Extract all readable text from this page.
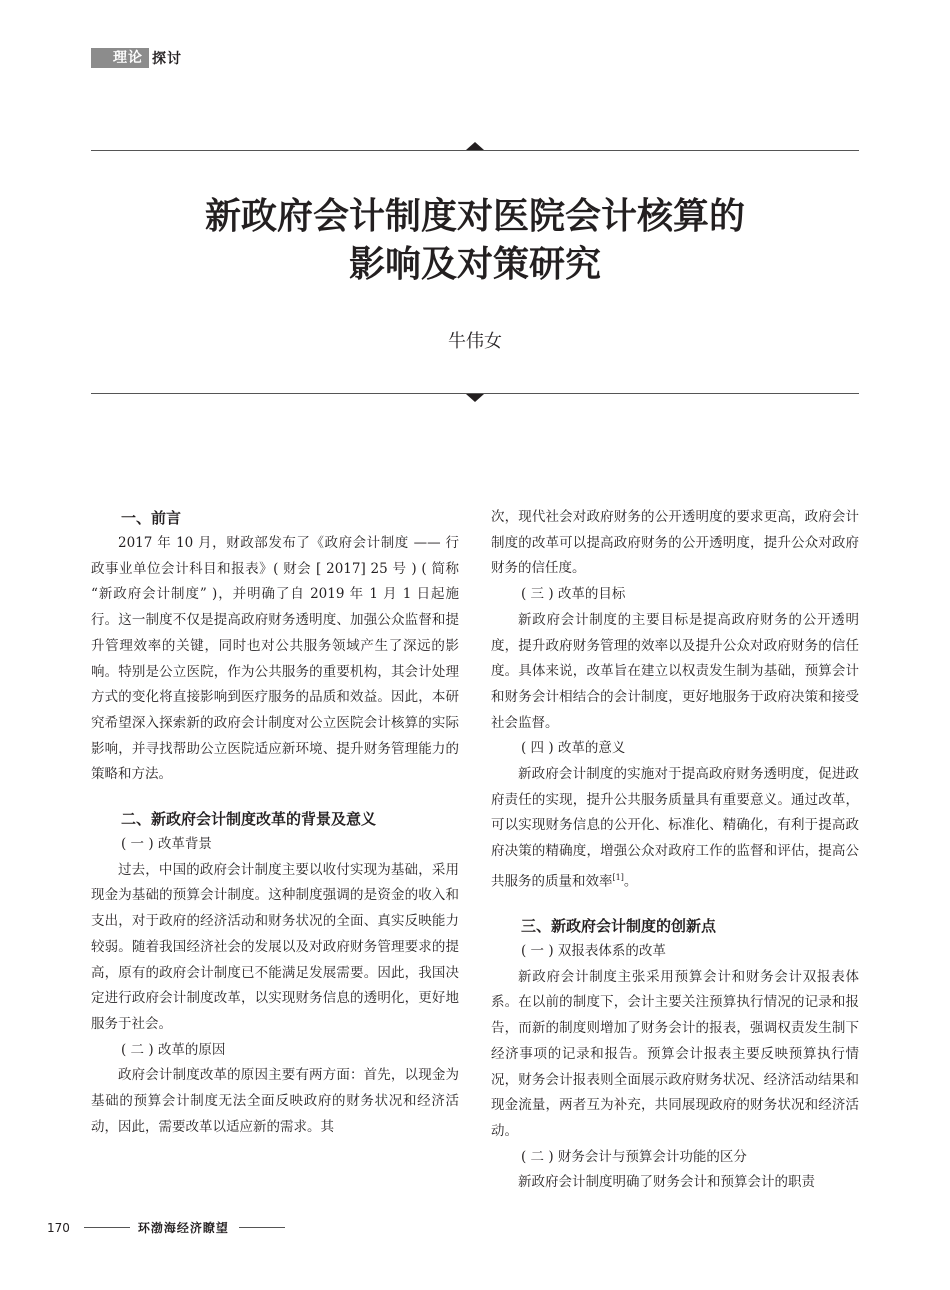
理论 探讨
新政府会计制度对医院会计核算的
影响及对策研究
牛伟女
一、前言
2017 年 10 月，财政部发布了《政府会计制度 —— 行政事业单位会计科目和报表》( 财会 [ 2017] 25 号 ) ( 简称 “新政府会计制度” )，并明确了自 2019 年 1 月 1 日起施行。这一制度不仅是提高政府财务透明度、加强公众监督和提升管理效率的关键，同时也对公共服务领域产生了深远的影响。特别是公立医院，作为公共服务的重要机构，其会计处理方式的变化将直接影响到医疗服务的品质和效益。因此，本研究希望深入探索新的政府会计制度对公立医院会计核算的实际影响，并寻找帮助公立医院适应新环境、提升财务管理能力的策略和方法。
二、新政府会计制度改革的背景及意义
( 一 ) 改革背景
过去，中国的政府会计制度主要以收付实现为基础，采用现金为基础的预算会计制度。这种制度强调的是资金的收入和支出，对于政府的经济活动和财务状况的全面、真实反映能力较弱。随着我国经济社会的发展以及对政府财务管理要求的提高，原有的政府会计制度已不能满足发展需要。因此，我国决定进行政府会计制度改革，以实现财务信息的透明化，更好地服务于社会。
( 二 ) 改革的原因
政府会计制度改革的原因主要有两方面：首先，以现金为基础的预算会计制度无法全面反映政府的财务状况和经济活动，因此，需要改革以适应新的需求。其
次，现代社会对政府财务的公开透明度的要求更高，政府会计制度的改革可以提高政府财务的公开透明度，提升公众对政府财务的信任度。
( 三 ) 改革的目标
新政府会计制度的主要目标是提高政府财务的公开透明度，提升政府财务管理的效率以及提升公众对政府财务的信任度。具体来说，改革旨在建立以权责发生制为基础，预算会计和财务会计相结合的会计制度，更好地服务于政府决策和接受社会监督。
( 四 ) 改革的意义
新政府会计制度的实施对于提高政府财务透明度，促进政府责任的实现，提升公共服务质量具有重要意义。通过改革，可以实现财务信息的公开化、标准化、精确化，有利于提高政府决策的精确度，增强公众对政府工作的监督和评估，提高公共服务的质量和效率[1]。
三、新政府会计制度的创新点
( 一 ) 双报表体系的改革
新政府会计制度主张采用预算会计和财务会计双报表体系。在以前的制度下，会计主要关注预算执行情况的记录和报告，而新的制度则增加了财务会计的报表，强调权责发生制下经济事项的记录和报告。预算会计报表主要反映预算执行情况，财务会计报表则全面展示政府财务状况、经济活动结果和现金流量，两者互为补充，共同展现政府的财务状况和经济活动。
( 二 ) 财务会计与预算会计功能的区分
新政府会计制度明确了财务会计和预算会计的职责
170	环渤海经济瞭望
